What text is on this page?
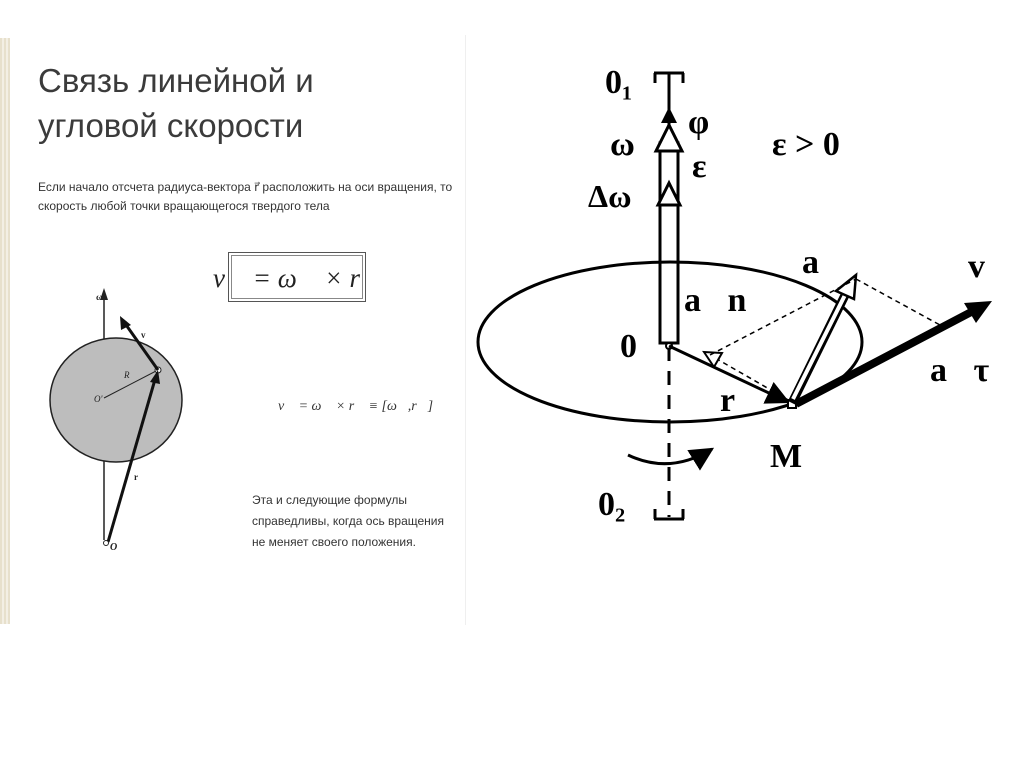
Связь линейной и угловой скорости

Если начало отсчета радиуса-вектора r⃗ расположить на оси вращения, то скорость любой точки вращающегося твердого тела

v⃗ = ω⃗ × r⃗
v⃗ = ω⃗ × r⃗ ≡ [ω⃗,r⃗]

Эта и следующие формулы справедливы, когда ось вращения не меняет своего положения.

ω
v
R
O'
r
O
0₁
φ⃗
ω⃗
ε⃗
ε > 0
Δω⃗
a⃗	v⃗
a⃗n
0
a⃗τ
r⃗
M
0₂
